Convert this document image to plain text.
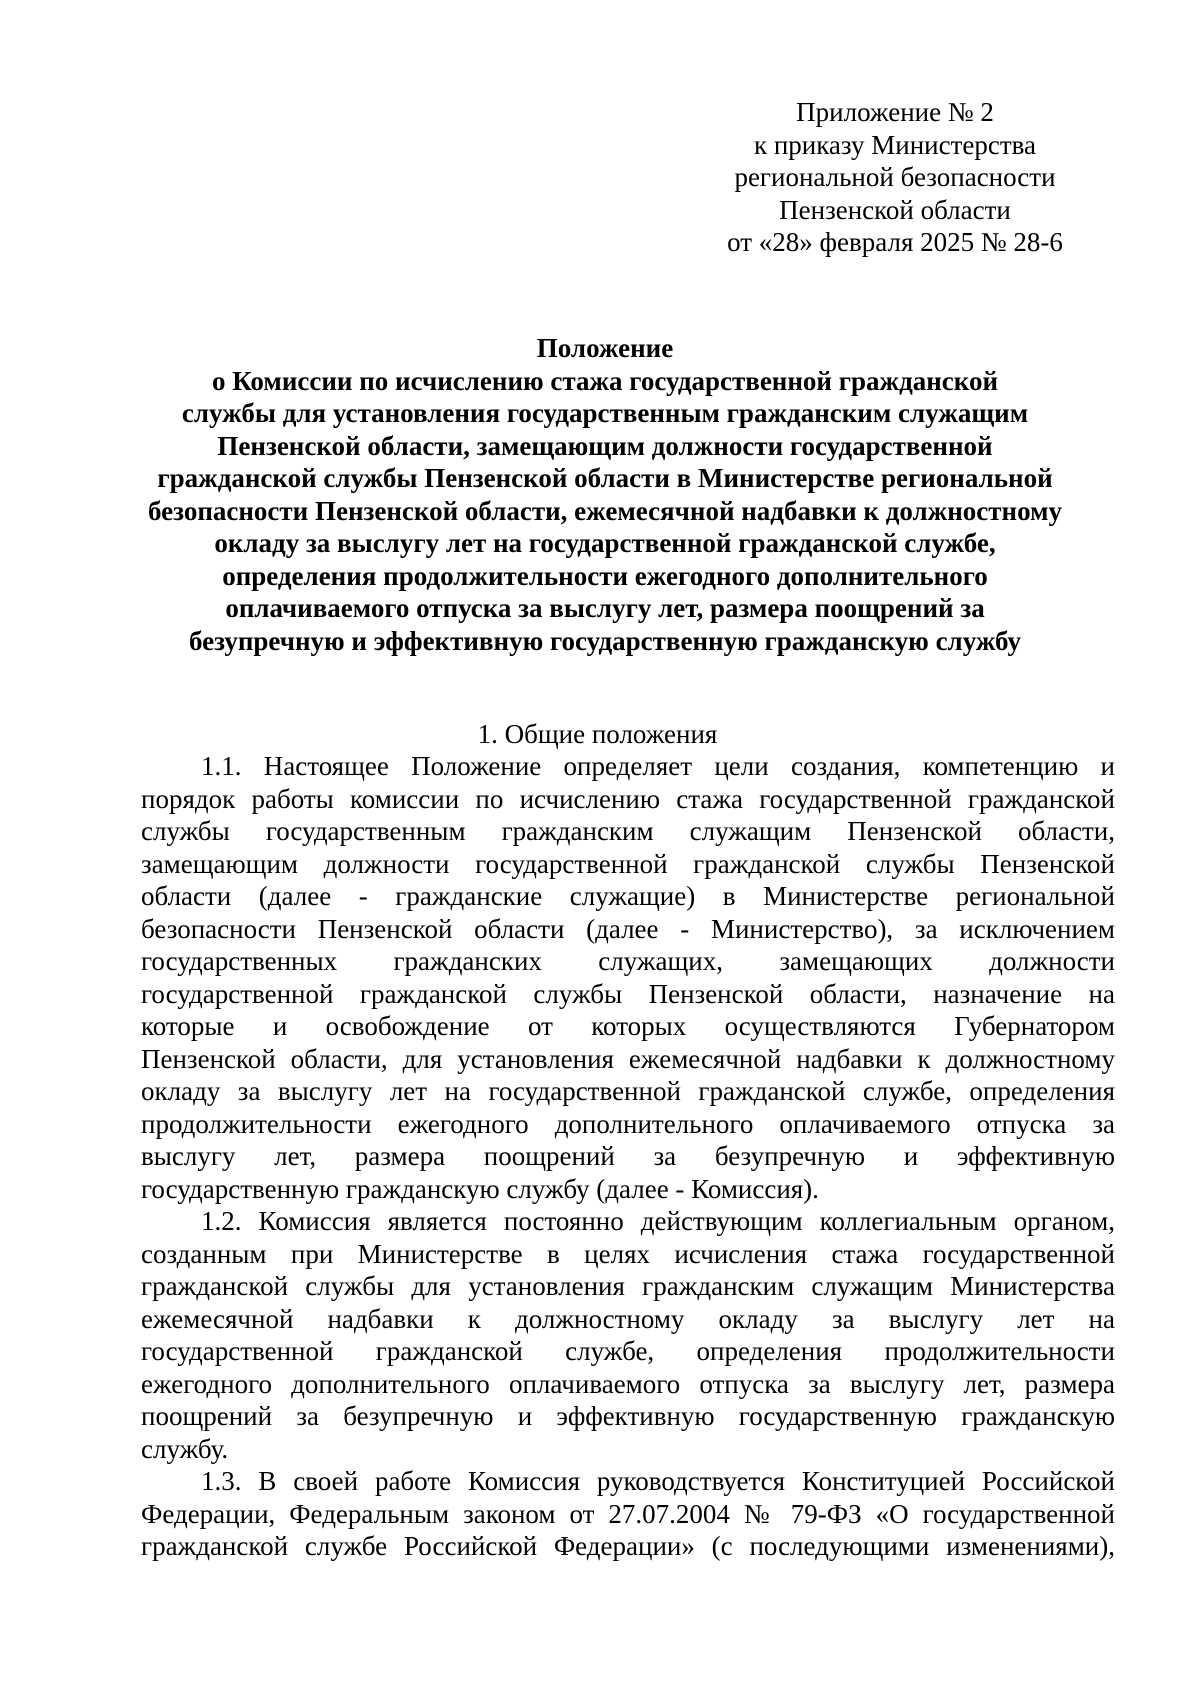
Приложение № 2
к приказу Министерства
региональной безопасности
Пензенской области
от «28» февраля 2025 № 28-6
Положение
о Комиссии по исчислению стажа государственной гражданской
службы для установления государственным гражданским служащим
Пензенской области, замещающим должности государственной
гражданской службы Пензенской области в Министерстве региональной
безопасности Пензенской области, ежемесячной надбавки к должностному
окладу за выслугу лет на государственной гражданской службе,
определения продолжительности ежегодного дополнительного
оплачиваемого отпуска за выслугу лет, размера поощрений за
безупречную и эффективную государственную гражданскую службу
1. Общие положения
1.1. Настоящее Положение определяет цели создания, компетенцию и
порядок работы комиссии по исчислению стажа государственной гражданской
службы государственным гражданским служащим Пензенской области,
замещающим должности государственной гражданской службы Пензенской
области (далее - гражданские служащие) в Министерстве региональной
безопасности Пензенской области (далее - Министерство), за исключением
государственных гражданских служащих, замещающих должности
государственной гражданской службы Пензенской области, назначение на
которые и освобождение от которых осуществляются Губернатором
Пензенской области, для установления ежемесячной надбавки к должностному
окладу за выслугу лет на государственной гражданской службе, определения
продолжительности ежегодного дополнительного оплачиваемого отпуска за
выслугу лет, размера поощрений за безупречную и эффективную
государственную гражданскую службу (далее - Комиссия).
1.2. Комиссия является постоянно действующим коллегиальным органом,
созданным при Министерстве в целях исчисления стажа государственной
гражданской службы для установления гражданским служащим Министерства
ежемесячной надбавки к должностному окладу за выслугу лет на
государственной гражданской службе, определения продолжительности
ежегодного дополнительного оплачиваемого отпуска за выслугу лет, размера
поощрений за безупречную и эффективную государственную гражданскую
службу.
1.3. В своей работе Комиссия руководствуется Конституцией Российской
Федерации, Федеральным законом от 27.07.2004 № 79-ФЗ «О государственной
гражданской службе Российской Федерации» (с последующими изменениями),
